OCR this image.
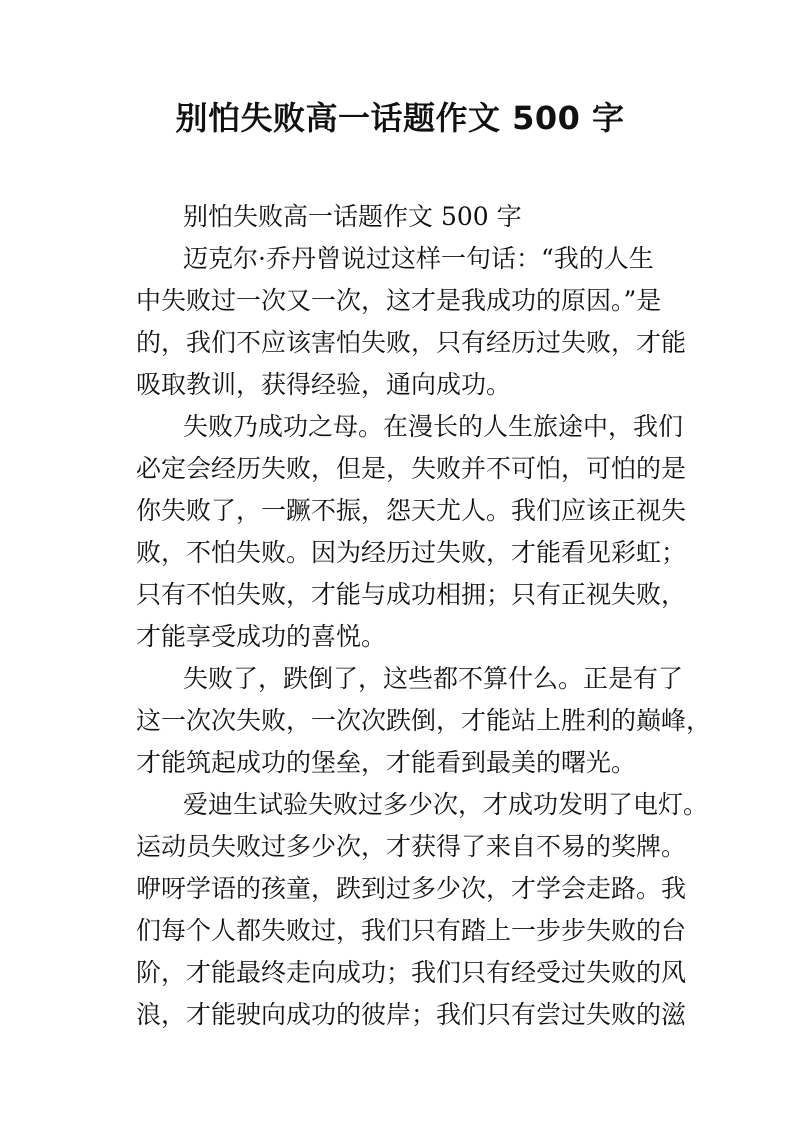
别怕失败高一话题作文 500 字
别怕失败高一话题作文 500 字
迈克尔·乔丹曾说过这样一句话：“我的人生
中失败过一次又一次，这才是我成功的原因。”是
的，我们不应该害怕失败，只有经历过失败，才能
吸取教训，获得经验，通向成功。
失败乃成功之母。在漫长的人生旅途中，我们
必定会经历失败，但是，失败并不可怕，可怕的是
你失败了，一蹶不振，怨天尤人。我们应该正视失
败，不怕失败。因为经历过失败，才能看见彩虹；
只有不怕失败，才能与成功相拥；只有正视失败，
才能享受成功的喜悦。
失败了，跌倒了，这些都不算什么。正是有了
这一次次失败，一次次跌倒，才能站上胜利的巅峰，
才能筑起成功的堡垒，才能看到最美的曙光。
爱迪生试验失败过多少次，才成功发明了电灯。
运动员失败过多少次，才获得了来自不易的奖牌。
咿呀学语的孩童，跌到过多少次，才学会走路。我
们每个人都失败过，我们只有踏上一步步失败的台
阶，才能最终走向成功；我们只有经受过失败的风
浪，才能驶向成功的彼岸；我们只有尝过失败的滋
